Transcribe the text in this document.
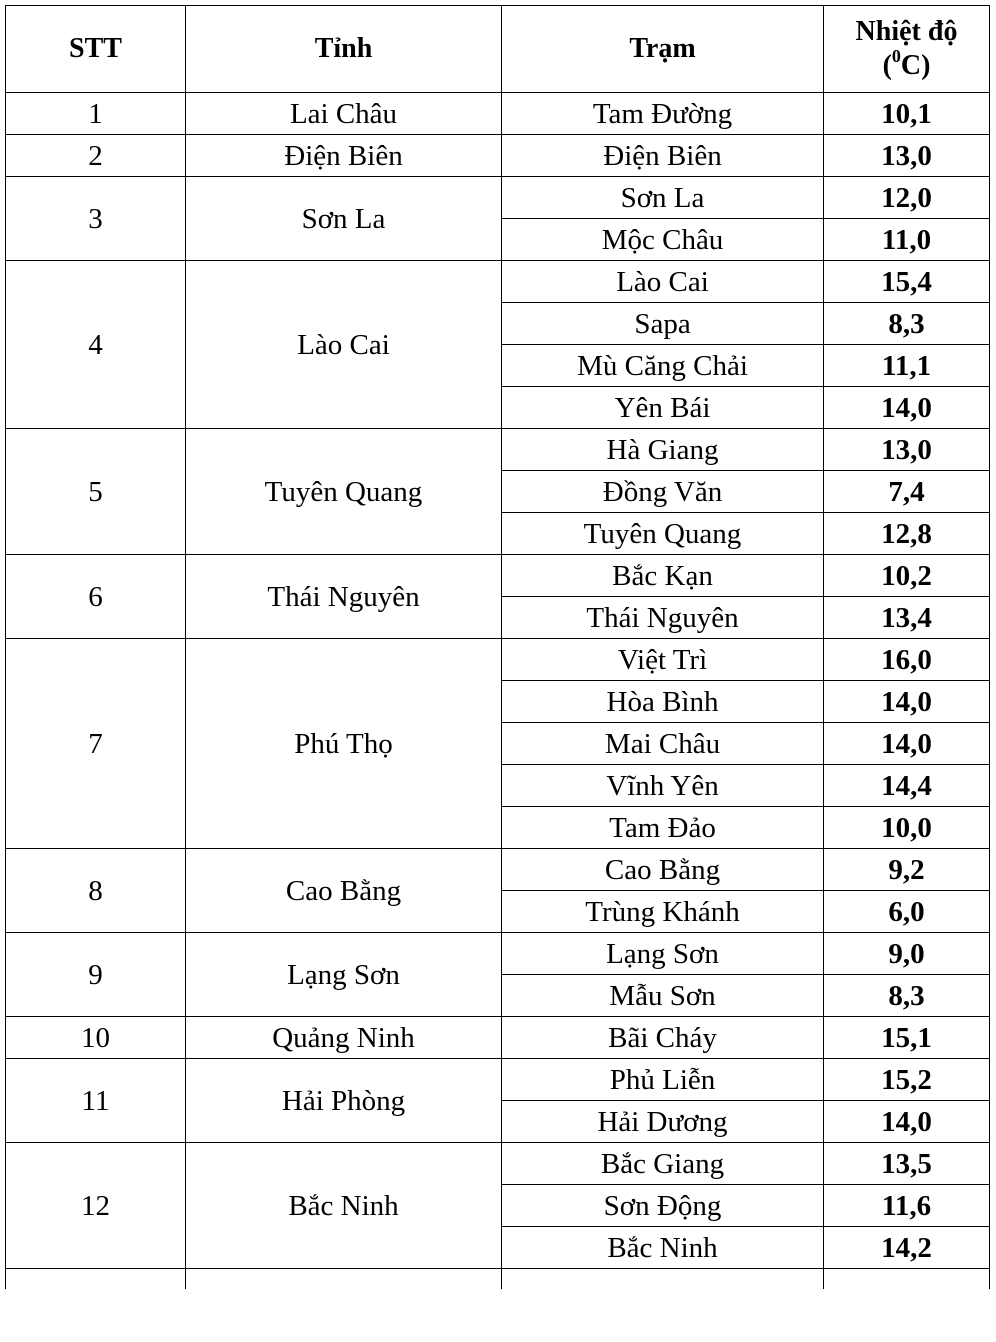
STT	Tỉnh	Trạm	Nhiệt độ
($^0$C)
1	Lai Châu	Tam Đường	10,1
2	Điện Biên	Điện Biên	13,0
3	Sơn La	Sơn La	12,0
		Mộc Châu	11,0
4	Lào Cai	Lào Cai	15,4
		Sapa	8,3
		Mù Căng Chải	11,1
		Yên Bái	14,0
5	Tuyên Quang	Hà Giang	13,0
		Đồng Văn	7,4
		Tuyên Quang	12,8
6	Thái Nguyên	Bắc Kạn	10,2
		Thái Nguyên	13,4
7	Phú Thọ	Việt Trì	16,0
		Hòa Bình	14,0
		Mai Châu	14,0
		Vĩnh Yên	14,4
		Tam Đảo	10,0
8	Cao Bằng	Cao Bằng	9,2
		Trùng Khánh	6,0
9	Lạng Sơn	Lạng Sơn	9,0
		Mẫu Sơn	8,3
10	Quảng Ninh	Bãi Cháy	15,1
11	Hải Phòng	Phủ Liễn	15,2
		Hải Dương	14,0
12	Bắc Ninh	Bắc Giang	13,5
		Sơn Động	11,6
		Bắc Ninh	14,2
